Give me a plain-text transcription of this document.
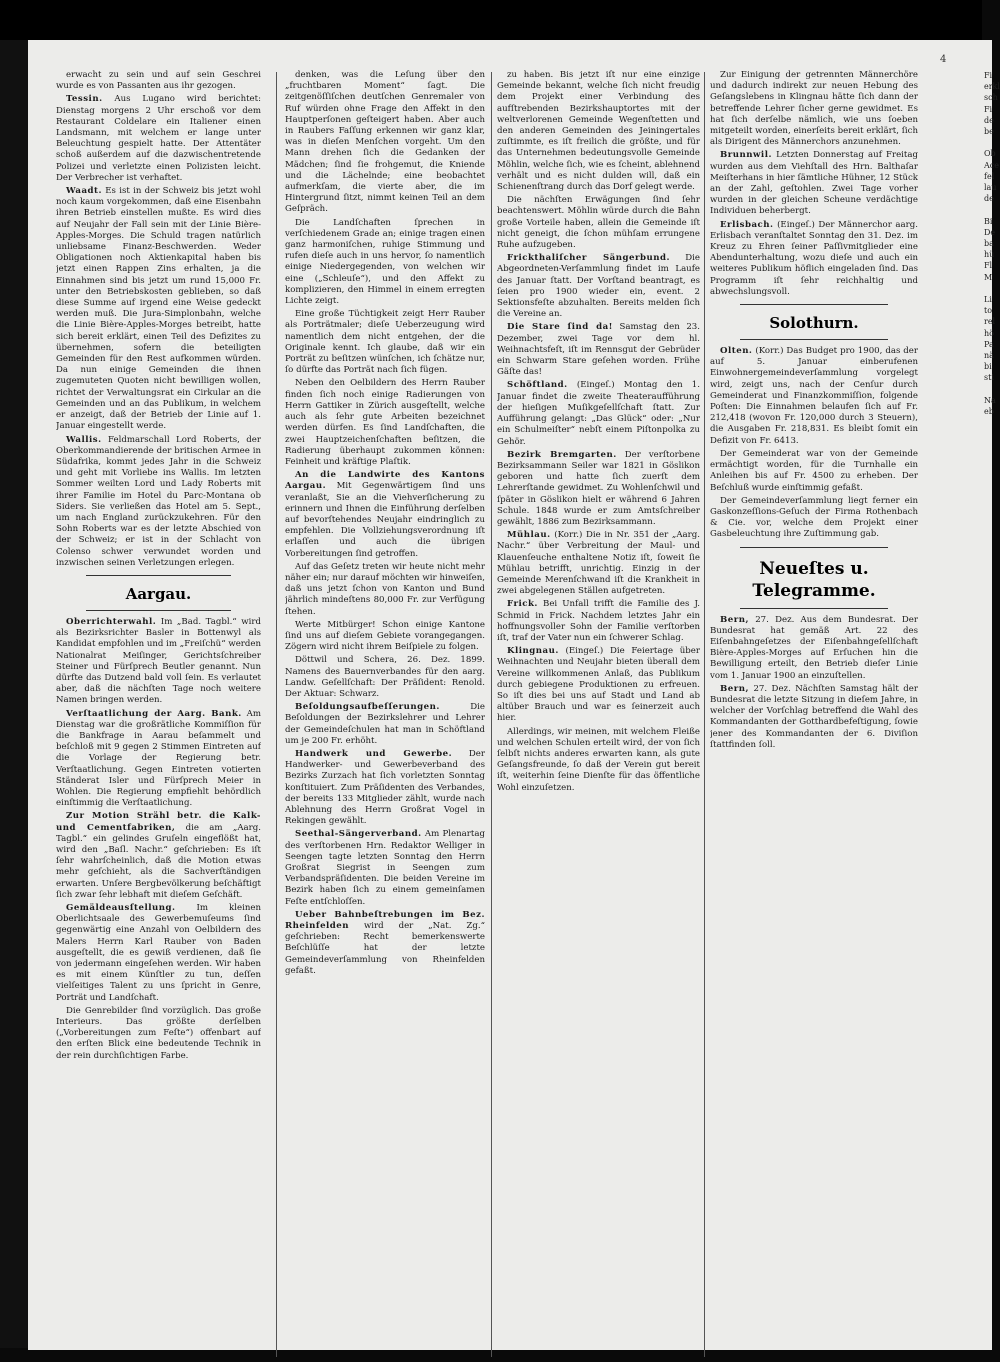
4

erwacht zu sein und auf sein Geschrei wurde es von Passanten aus ihr gezogen.

Tessin. Aus Lugano wird berichtet: Dienstag morgens 2 Uhr erschoß vor dem Restaurant Coldelare ein Italiener einen Landsmann, mit welchem er lange unter Beleuchtung gespielt hatte. Der Attentäter schoß außerdem auf die dazwischentretende Polizei und verletzte einen Polizisten leicht. Der Verbrecher ist verhaftet.

Waadt. Es ist in der Schweiz bis jetzt wohl noch kaum vorgekommen, daß eine Eisenbahn ihren Betrieb einstellen mußte. Es wird dies auf Neujahr der Fall sein mit der Linie Bière-Apples-Morges. Die Schuld tragen natürlich unliebsame Finanz-Beschwerden. Weder Obligationen noch Aktienkapital haben bis jetzt einen Rappen Zins erhalten, ja die Einnahmen sind bis jetzt um rund 15,000 Fr. unter den Betriebskosten geblieben, so daß diese Summe auf irgend eine Weise gedeckt werden muß. Die Jura-Simplonbahn, welche die Linie Bière-Apples-Morges betreibt, hatte sich bereit erklärt, einen Teil des Defizites zu übernehmen, sofern die beteiligten Gemeinden für den Rest aufkommen würden. Da nun einige Gemeinden die ihnen zugemuteten Quoten nicht bewilligen wollen, richtet der Verwaltungsrat ein Cirkular an die Gemeinden und an das Publikum, in welchem er anzeigt, daß der Betrieb der Linie auf 1. Januar eingestellt werde.

Wallis. Feldmarschall Lord Roberts, der Oberkommandierende der britischen Armee in Südafrika, kommt jedes Jahr in die Schweiz und geht mit Vorliebe ins Wallis. Im letzten Sommer weilten Lord und Lady Roberts mit ihrer Familie im Hotel du Parc-Montana ob Siders. Sie verließen das Hotel am 5. Sept., um nach England zurückzukehren. Für den Sohn Roberts war es der letzte Abschied von der Schweiz; er ist in der Schlacht von Colenso schwer verwundet worden und inzwischen seinen Verletzungen erlegen.

Aargau.

Oberrichterwahl. Im „Bad. Tagbl.“ wird als Bezirksrichter Basler in Bottenwyl als Kandidat empfohlen und im „Freiſchü“ werden Nationalrat Meiſinger, Gerichtsſchreiber Steiner und Fürſprech Beutler genannt. Nun dürfte das Dutzend bald voll ſein. Es verlautet aber, daß die nächſten Tage noch weitere Namen bringen werden.

Verſtaatlichung der Aarg. Bank. Am Dienstag war die großrätliche Kommiſſion für die Bankfrage in Aarau beſammelt und beſchloß mit 9 gegen 2 Stimmen Eintreten auf die Vorlage der Regierung betr. Verſtaatlichung. Gegen Eintreten votierten Ständerat Isler und Fürſprech Meier in Wohlen. Die Regierung empfiehlt behördlich einſtimmig die Verſtaatlichung.

Zur Motion Strähl betr. die Kalk- und Cementfabriken, die am „Aarg. Tagbl.“ ein gelindes Gruſeln eingeflößt hat, wird den „Baſl. Nachr.“ geſchrieben: Es iſt ſehr wahrſcheinlich, daß die Motion etwas mehr geſchieht, als die Sachverſtändigen erwarten. Unſere Bergbevölkerung beſchäftigt ſich zwar ſehr lebhaft mit dieſem Geſchäft.

Gemäldeausſtellung. Im kleinen Oberlichtsaale des Gewerbemuſeums ſind gegenwärtig eine Anzahl von Oelbildern des Malers Herrn Karl Rauber von Baden ausgeſtellt, die es gewiß verdienen, daß ſie von jedermann eingeſehen werden. Wir haben es mit einem Künſtler zu tun, deſſen vielſeitiges Talent zu uns ſpricht in Genre, Porträt und Landſchaft.

Die Genrebilder ſind vorzüglich. Das große Interieurs. Das größte derſelben („Vorbereitungen zum Feſte“) offenbart auf den erſten Blick eine bedeutende Technik in der rein durchſichtigen Farbe.

denken, was die Leſung über den „fruchtbaren Moment“ ſagt. Die zeitgenöſſiſchen deutſchen Genremaler von Ruf würden ohne Frage den Affekt in den Hauptperſonen geſteigert haben. Aber auch in Raubers Faſſung erkennen wir ganz klar, was in dieſen Menſchen vorgeht. Um den Mann drehen ſich die Gedanken der Mädchen; ſind ſie frohgemut, die Kniende und die Lächelnde; eine beobachtet aufmerkſam, die vierte aber, die im Hintergrund ſitzt, nimmt keinen Teil an dem Geſpräch.

Die Landſchaften ſprechen in verſchiedenem Grade an; einige tragen einen ganz harmoniſchen, ruhige Stimmung und rufen dieſe auch in uns hervor, ſo namentlich einige Niedergegenden, von welchen wir eine („Schleuſe“), und den Affekt zu komplizieren, den Himmel in einem erregten Lichte zeigt.

Eine große Tüchtigkeit zeigt Herr Rauber als Porträtmaler; dieſe Ueberzeugung wird namentlich dem nicht entgehen, der die Originale kennt. Ich glaube, daß wir ein Porträt zu beſitzen wünſchen, ich ſchätze nur, ſo dürfte das Porträt nach ſich fügen.

Neben den Oelbildern des Herrn Rauber finden ſich noch einige Radierungen von Herrn Gattiker in Zürich ausgeſtellt, welche auch als ſehr gute Arbeiten bezeichnet werden dürfen. Es ſind Landſchaften, die zwei Hauptzeichenſchaften beſitzen, die Radierung überhaupt zukommen können: Feinheit und kräftige Plaſtik.

An die Landwirte des Kantons Aargau. Mit Gegenwärtigem ſind uns veranlaßt, Sie an die Viehverſicherung zu erinnern und Ihnen die Einführung derſelben auf bevorſtehendes Neujahr eindringlich zu empfehlen. Die Vollziehungsverordnung iſt erlaſſen und auch die übrigen Vorbereitungen ſind getroffen.

Auf das Geſetz treten wir heute nicht mehr näher ein; nur darauf möchten wir hinweiſen, daß uns jetzt ſchon von Kanton und Bund jährlich mindeſtens 80,000 Fr. zur Verfügung ſtehen.

Werte Mitbürger! Schon einige Kantone ſind uns auf dieſem Gebiete vorangegangen. Zögern wird nicht ihrem Beiſpiele zu folgen.

Döttwil und Schera, 26. Dez. 1899. Namens des Bauernverbandes für den aarg. Landw. Geſellſchaft: Der Präſident: Renold. Der Aktuar: Schwarz.

Beſoldungsaufbeſſerungen.	Die Beſoldungen der Bezirkslehrer und Lehrer der Gemeindeſchulen hat man in Schöftland um je 200 Fr. erhöht.

Handwerk und Gewerbe. Der Handwerker- und Gewerbeverband des Bezirks Zurzach hat ſich vorletzten Sonntag konſtituiert. Zum Präſidenten des Verbandes, der bereits 133 Mitglieder zählt, wurde nach Ablehnung des Herrn Großrat Vogel in Rekingen gewählt.

Seethal-Sängerverband. Am Plenartag des verſtorbenen Hrn. Redaktor Welliger in Seengen tagte letzten Sonntag den Herrn Großrat Siegrist in Seengen zum Verbandspräſidenten. Die beiden Vereine im Bezirk haben ſich zu einem gemeinſamen Feſte entſchloſſen.

Ueber Bahnbeſtrebungen im Bez. Rheinfelden wird der „Nat. Zg.“ geſchrieben: Recht bemerkenswerte Beſchlüſſe hat der letzte Gemeindeverſammlung von Rheinfelden gefaßt.

zu haben. Bis jetzt iſt nur eine einzige Gemeinde bekannt, welche ſich nicht freudig dem Projekt einer Verbindung des aufſtrebenden Bezirkshauptortes mit der weltverlorenen Gemeinde Wegenſtetten und den anderen Gemeinden des Jeiningertales zuſtimmte, es iſt freilich die größte, und für das Unternehmen bedeutungsvolle Gemeinde Möhlin, welche ſich, wie es ſcheint, ablehnend verhält und es nicht dulden will, daß ein Schienenſtrang durch das Dorf gelegt werde.

Die nächſten Erwägungen ſind ſehr beachtenswert. Möhlin würde durch die Bahn große Vorteile haben, allein die Gemeinde iſt nicht geneigt, die ſchon mühſam errungene Ruhe aufzugeben.

Frickthaliſcher Sängerbund. Die Abgeordneten-Verſammlung findet im Laufe des Januar ſtatt. Der Vorſtand beantragt, es ſeien pro 1900 wieder ein, event. 2 Sektionsfeſte abzuhalten. Bereits melden ſich die Vereine an.

Die Stare ſind da! Samstag den 23. Dezember, zwei Tage vor dem hl. Weihnachtsfeſt, iſt im Rennsgut der Gebrüder ein Schwarm Stare geſehen worden. Frühe Gäſte das!

Schöftland. (Eingeſ.) Montag den 1. Januar findet die zweite Theateraufführung der hieſigen Muſikgeſellſchaft ſtatt. Zur Aufführung gelangt: „Das Glück“ oder: „Nur ein Schulmeiſter“ nebſt einem Piſtonpolka zu Gehör.

Bezirk Bremgarten. Der verſtorbene Bezirksammann Seiler war 1821 in Göslikon geboren und hatte ſich zuerſt dem Lehrerſtande gewidmet. Zu Wohlenſchwil und ſpäter in Göslikon hielt er während 6 Jahren Schule. 1848 wurde er zum Amtsſchreiber gewählt, 1886 zum Bezirksammann.

Mühlau. (Korr.) Die in Nr. 351 der „Aarg. Nachr.“ über Verbreitung der Maul- und Klauenſeuche enthaltene Notiz iſt, ſoweit ſie Mühlau betrifft, unrichtig. Einzig in der Gemeinde Merenſchwand iſt die Krankheit in zwei abgelegenen Ställen aufgetreten.

Frick. Bei Unfall trifft die Familie des J. Schmid in Frick. Nachdem letztes Jahr ein hoffnungsvoller Sohn der Familie verſtorben iſt, traf der Vater nun ein ſchwerer Schlag.

Klingnau. (Eingeſ.) Die Feiertage über Weihnachten und Neujahr bieten überall dem Vereine willkommenen Anlaß, das Publikum durch gebiegene Produktionen zu erfreuen. So iſt dies bei uns auf Stadt und Land ab altüber Brauch und war es ſeinerzeit auch hier.

Allerdings, wir meinen, mit welchem Fleiße und welchen Schulen erteilt wird, der von ſich ſelbſt nichts anderes erwarten kann, als gute Geſangsfreunde, ſo daß der Verein gut bereit iſt, weiterhin ſeine Dienſte für das öffentliche Wohl einzuſetzen.

Zur Einigung der getrennten Männerchöre und dadurch indirekt zur neuen Hebung des Geſangslebens in Klingnau hätte ſich dann der betreffende Lehrer ſicher gerne gewidmet. Es hat ſich derſelbe nämlich, wie uns ſoeben mitgeteilt worden, einerſeits bereit erklärt, ſich als Dirigent des Männerchors anzunehmen.

Brunnwil. Letzten Donnerstag auf Freitag wurden aus dem Viehſtall des Hrn. Balthaſar Meiſterhans in hier ſämtliche Hühner, 12 Stück an der Zahl, geſtohlen. Zwei Tage vorher wurden in der gleichen Scheune verdächtige Individuen beherbergt.

Erlisbach. (Eingeſ.) Der Männerchor aarg. Erlisbach veranſtaltet Sonntag den 31. Dez. im Kreuz zu Ehren ſeiner Paſſivmitglieder eine Abendunterhaltung, wozu dieſe und auch ein weiteres Publikum höflich eingeladen ſind. Das Programm iſt ſehr reichhaltig und abwechslungsvoll.

Solothurn.

Olten. (Korr.) Das Budget pro 1900, das der auf 5. Januar einberufenen Einwohnergemeindeverſammlung vorgelegt wird, zeigt uns, nach der Cenſur durch Gemeinderat und Finanzkommiſſion, folgende Poſten: Die Einnahmen belaufen ſich auf Fr. 212,418 (wovon Fr. 120,000 durch 3 Steuern), die Ausgaben Fr. 218,831. Es bleibt ſomit ein Defizit von Fr. 6413.

Der Gemeinderat war von der Gemeinde ermächtigt worden, für die Turnhalle ein Anleihen bis auf Fr. 4500 zu erheben. Der Beſchluß wurde einſtimmig gefaßt.

Der Gemeindeverſammlung liegt ferner ein Gaskonzeſſions-Geſuch der Firma Rothenbach & Cie. vor, welche dem Projekt einer Gasbeleuchtung ihre Zuſtimmung gab.

Neueſtes u. Telegramme.

Bern, 27. Dez. Aus dem Bundesrat. Der Bundesrat hat gemäß Art. 22 des Eiſenbahngeſetzes der Eiſenbahngeſellſchaft Bière-Apples-Morges auf Erſuchen hin die Bewilligung erteilt, den Betrieb dieſer Linie vom 1. Januar 1900 an einzuſtellen.

Bern, 27. Dez. Nächſten Samstag hält der Bundesrat die letzte Sitzung in dieſem Jahre, in welcher der Vorſchlag betreffend die Wahl des Kommandanten der Gotthardbefeſtigung, ſowie jener des Kommandanten der 6. Diviſion ſtattfinden ſoll.

Fi
erkl
sch
Fi
de
be

Ob
Ace
fel
lau
de

Bi
De
ba
hü
Fl
M

Li
to
rel
hö
Pa
nä
bi
sti

Na
eb
